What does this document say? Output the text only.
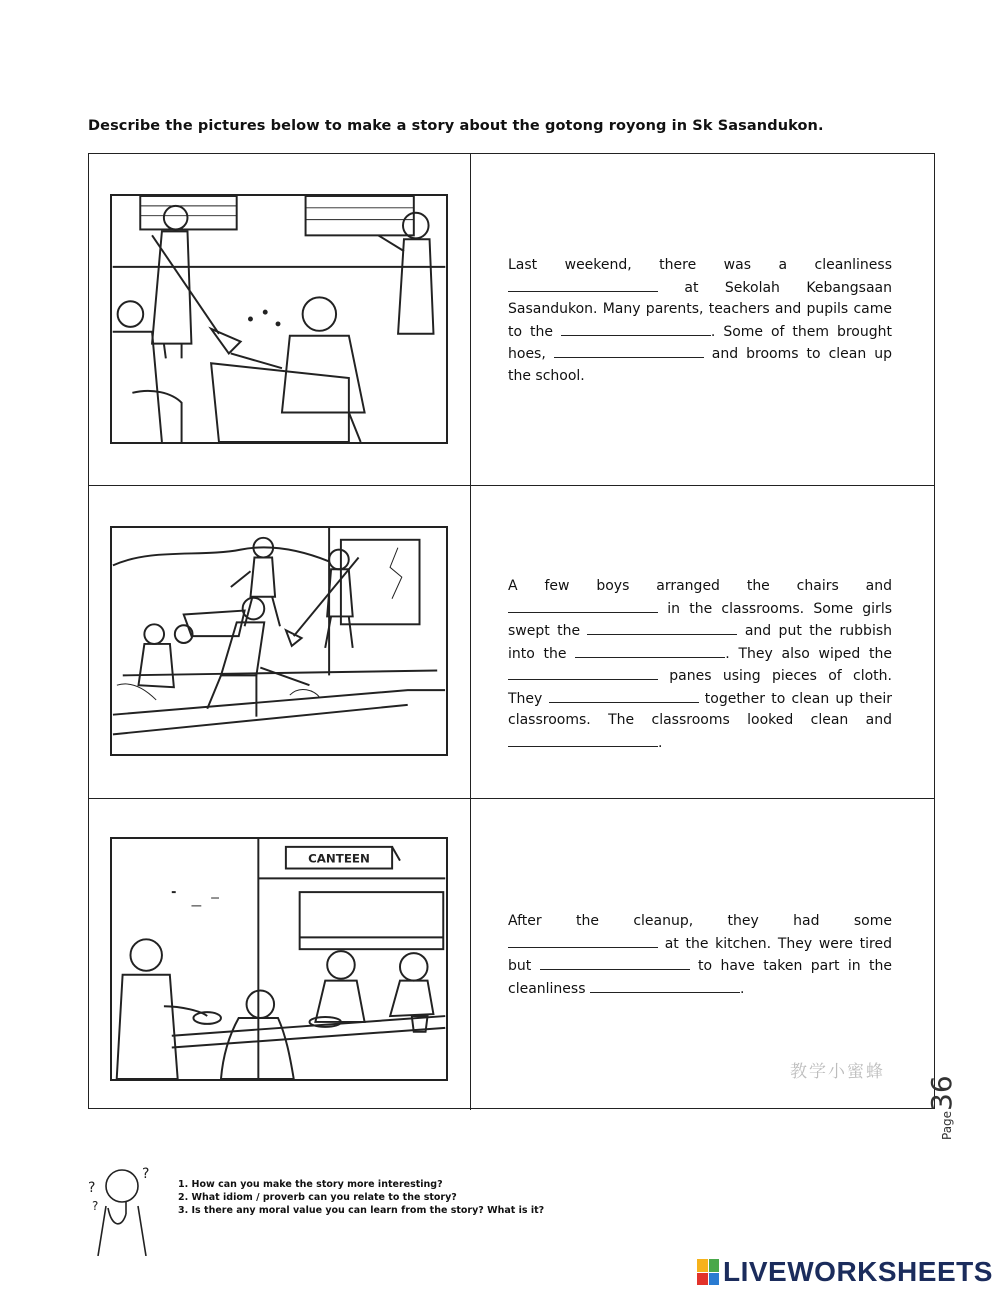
Describe the pictures below to make a story about the gotong royong in Sk Sasandukon.
Last weekend, there was a cleanliness  at Sekolah Kebangsaan Sasandukon. Many parents, teachers and pupils came to the	. Some of them brought hoes,	and brooms to clean up the school.
A few boys arranged the chairs and  in the classrooms. Some girls swept the	and put the rubbish into the	. They also wiped the  panes using pieces of cloth. They	together to clean up their classrooms. The classrooms looked clean and .
CANTEEN
After the cleanup, they had some  at the kitchen. They were tired but	to have taken part in the cleanliness	.
教学小蜜蜂
Page36
?
?
?
1. How can you make the story more interesting?
2. What idiom / proverb can you relate to the story?
3. Is there any moral value you can learn from the story? What is it?
LIVEWORKSHEETS
